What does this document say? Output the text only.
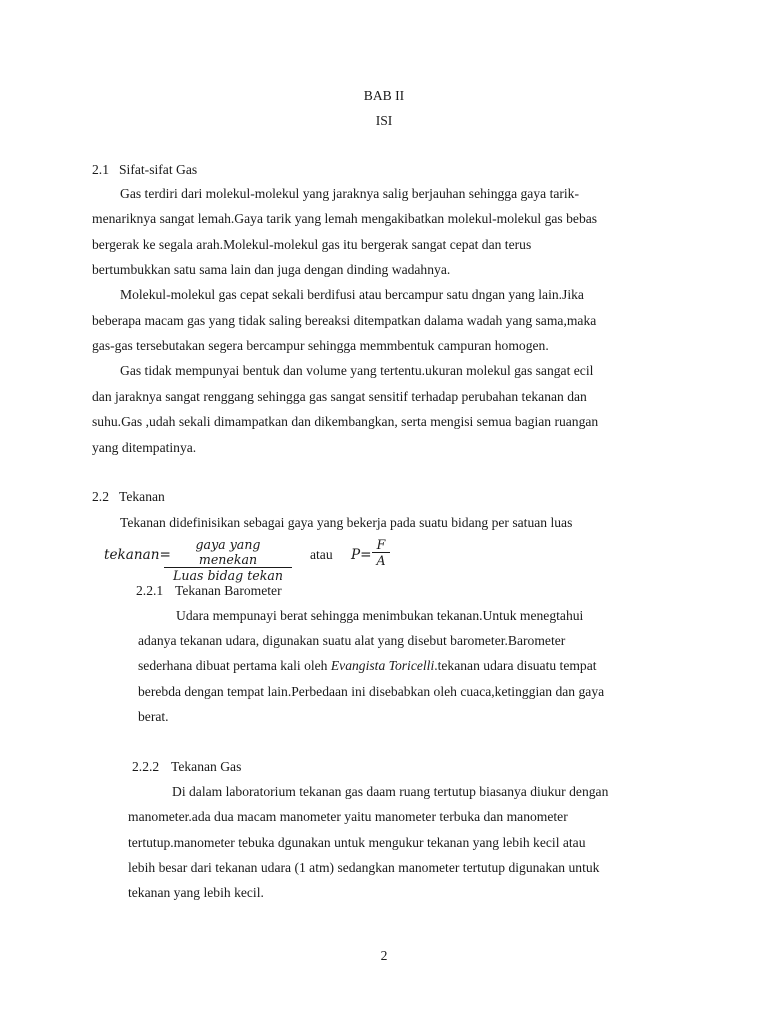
BAB II
ISI
2.1 Sifat-sifat Gas
Gas terdiri dari molekul-molekul yang jaraknya salig berjauhan sehingga gaya tarik-
menariknya sangat lemah.Gaya tarik yang lemah mengakibatkan molekul-molekul gas bebas
bergerak ke segala arah.Molekul-molekul gas itu bergerak sangat cepat dan terus
bertumbukkan satu sama lain dan juga dengan dinding wadahnya.
Molekul-molekul gas cepat sekali berdifusi atau bercampur satu dngan yang lain.Jika
beberapa macam gas yang tidak saling bereaksi ditempatkan dalama wadah yang sama,maka
gas-gas tersebutakan segera bercampur sehingga memmbentuk campuran homogen.
Gas tidak mempunyai bentuk dan volume yang tertentu.ukuran molekul gas sangat ecil
dan jaraknya sangat renggang sehingga gas sangat sensitif terhadap perubahan tekanan dan
suhu.Gas ,udah sekali dimampatkan dan dikembangkan, serta mengisi semua bagian ruangan
yang ditempatinya.
2.2 Tekanan
Tekanan didefinisikan sebagai gaya yang bekerja pada suatu bidang per satuan luas
tekanan=
gaya yang menekan
Luas bidag tekan
atau $P= \frac{F}{A}$
2.2.1 Tekanan Barometer
Udara mempunayi berat sehingga menimbukan tekanan.Untuk menegtahui
adanya tekanan udara, digunakan suatu alat yang disebut barometer.Barometer
sederhana dibuat pertama kali oleh Evangista Toricelli.tekanan udara disuatu tempat
berebda dengan tempat lain.Perbedaan ini disebabkan oleh cuaca,ketinggian dan gaya
berat.
2.2.2 Tekanan Gas
Di dalam laboratorium tekanan gas daam ruang tertutup biasanya diukur dengan
manometer.ada dua macam manometer yaitu manometer terbuka dan manometer
tertutup.manometer tebuka dgunakan untuk mengukur tekanan yang lebih kecil atau
lebih besar dari tekanan udara (1 atm) sedangkan manometer tertutup digunakan untuk
tekanan yang lebih kecil.
2
